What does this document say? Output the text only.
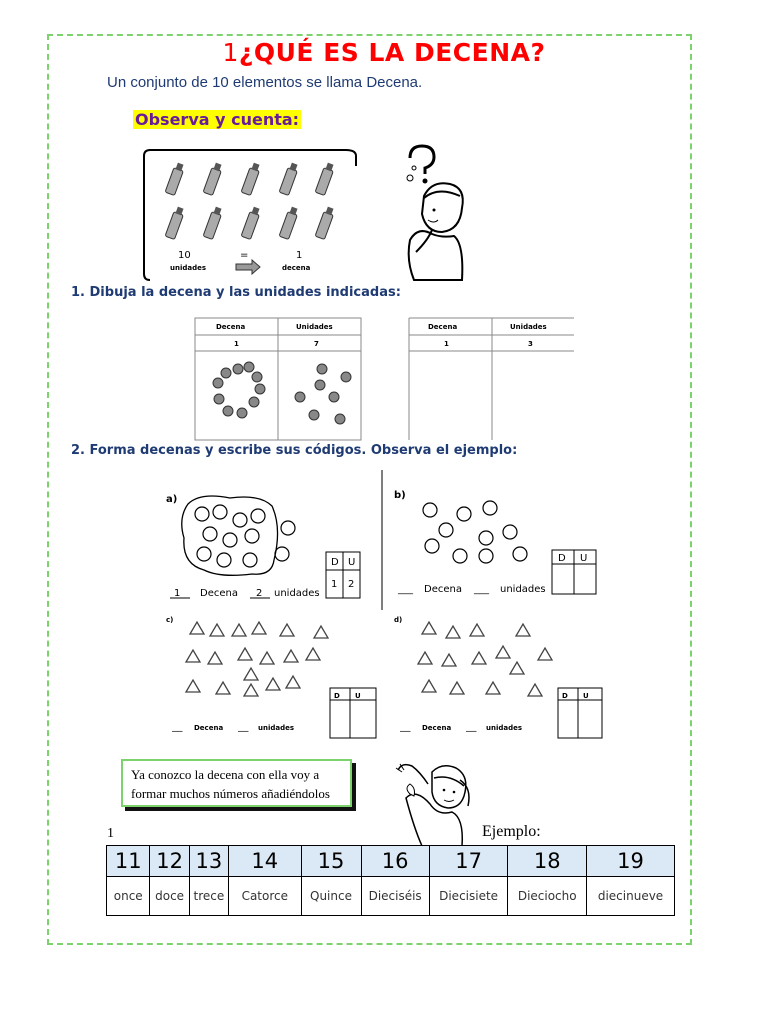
1¿QUÉ ES LA DECENA?
Un conjunto de 10 elementos se llama Decena.
Observa y cuenta:
10
unidades
=	1
decena
1. Dibuja la decena y las unidades indicadas:
Decena	Unidades
1	7
Decena	Unidades
1	3
2. Forma decenas y escribe sus códigos. Observa el ejemplo:
a)
D U
1 2
1 Decena 2 unidades
b)
D U
___ Decena ___ unidades
c)
D U
___ Decena ___ unidades
d)
D U
___ Decena ___ unidades
Ya conozco la decena con ella voy a formar muchos números añadiéndolos
1	Ejemplo:
11	12	13	14	15	16	17	18	19
once	doce	trece	Catorce	Quince	Dieciséis	Diecisiete	Dieciocho	diecinueve
